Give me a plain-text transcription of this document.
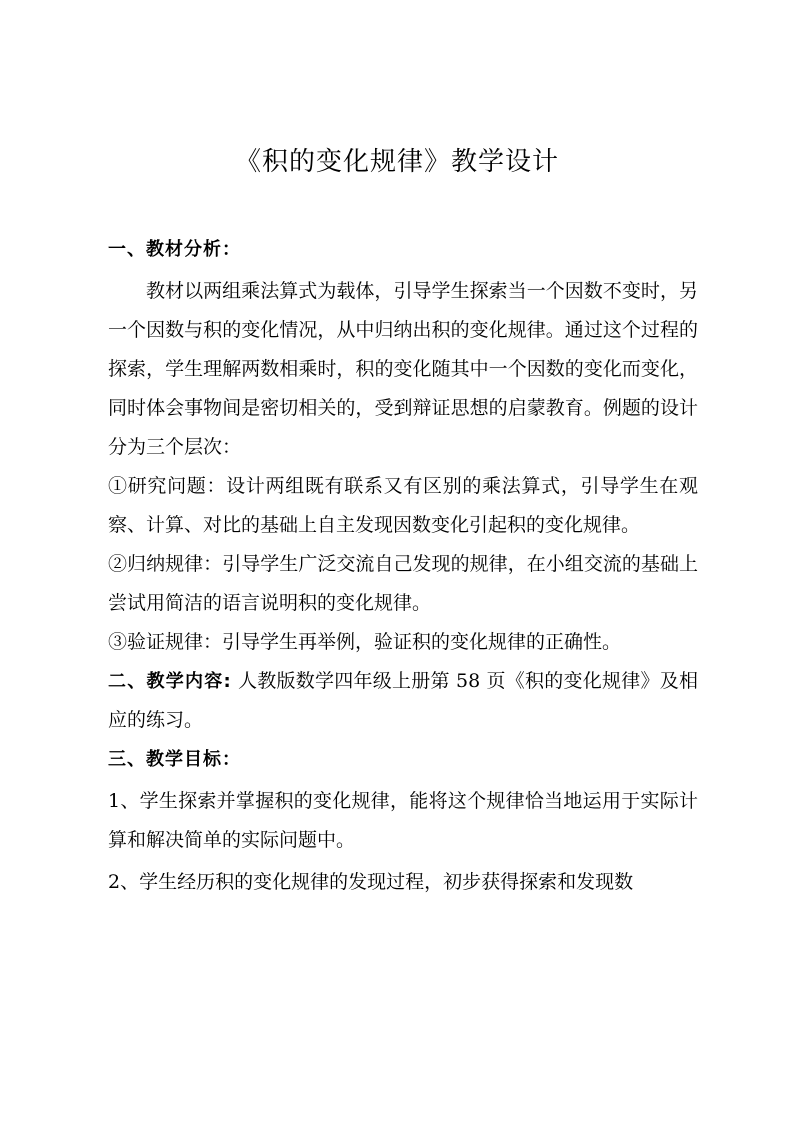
《积的变化规律》教学设计

一、教材分析：

教材以两组乘法算式为载体，引导学生探索当一个因数不变时，另一个因数与积的变化情况，从中归纳出积的变化规律。通过这个过程的探索，学生理解两数相乘时，积的变化随其中一个因数的变化而变化，同时体会事物间是密切相关的，受到辩证思想的启蒙教育。例题的设计分为三个层次：

①研究问题：设计两组既有联系又有区别的乘法算式，引导学生在观察、计算、对比的基础上自主发现因数变化引起积的变化规律。

②归纳规律：引导学生广泛交流自己发现的规律，在小组交流的基础上尝试用简洁的语言说明积的变化规律。

③验证规律：引导学生再举例，验证积的变化规律的正确性。

二、教学内容: 人教版数学四年级上册第 58 页《积的变化规律》及相应的练习。

三、教学目标：

1、学生探索并掌握积的变化规律，能将这个规律恰当地运用于实际计算和解决简单的实际问题中。

2、学生经历积的变化规律的发现过程，初步获得探索和发现数
